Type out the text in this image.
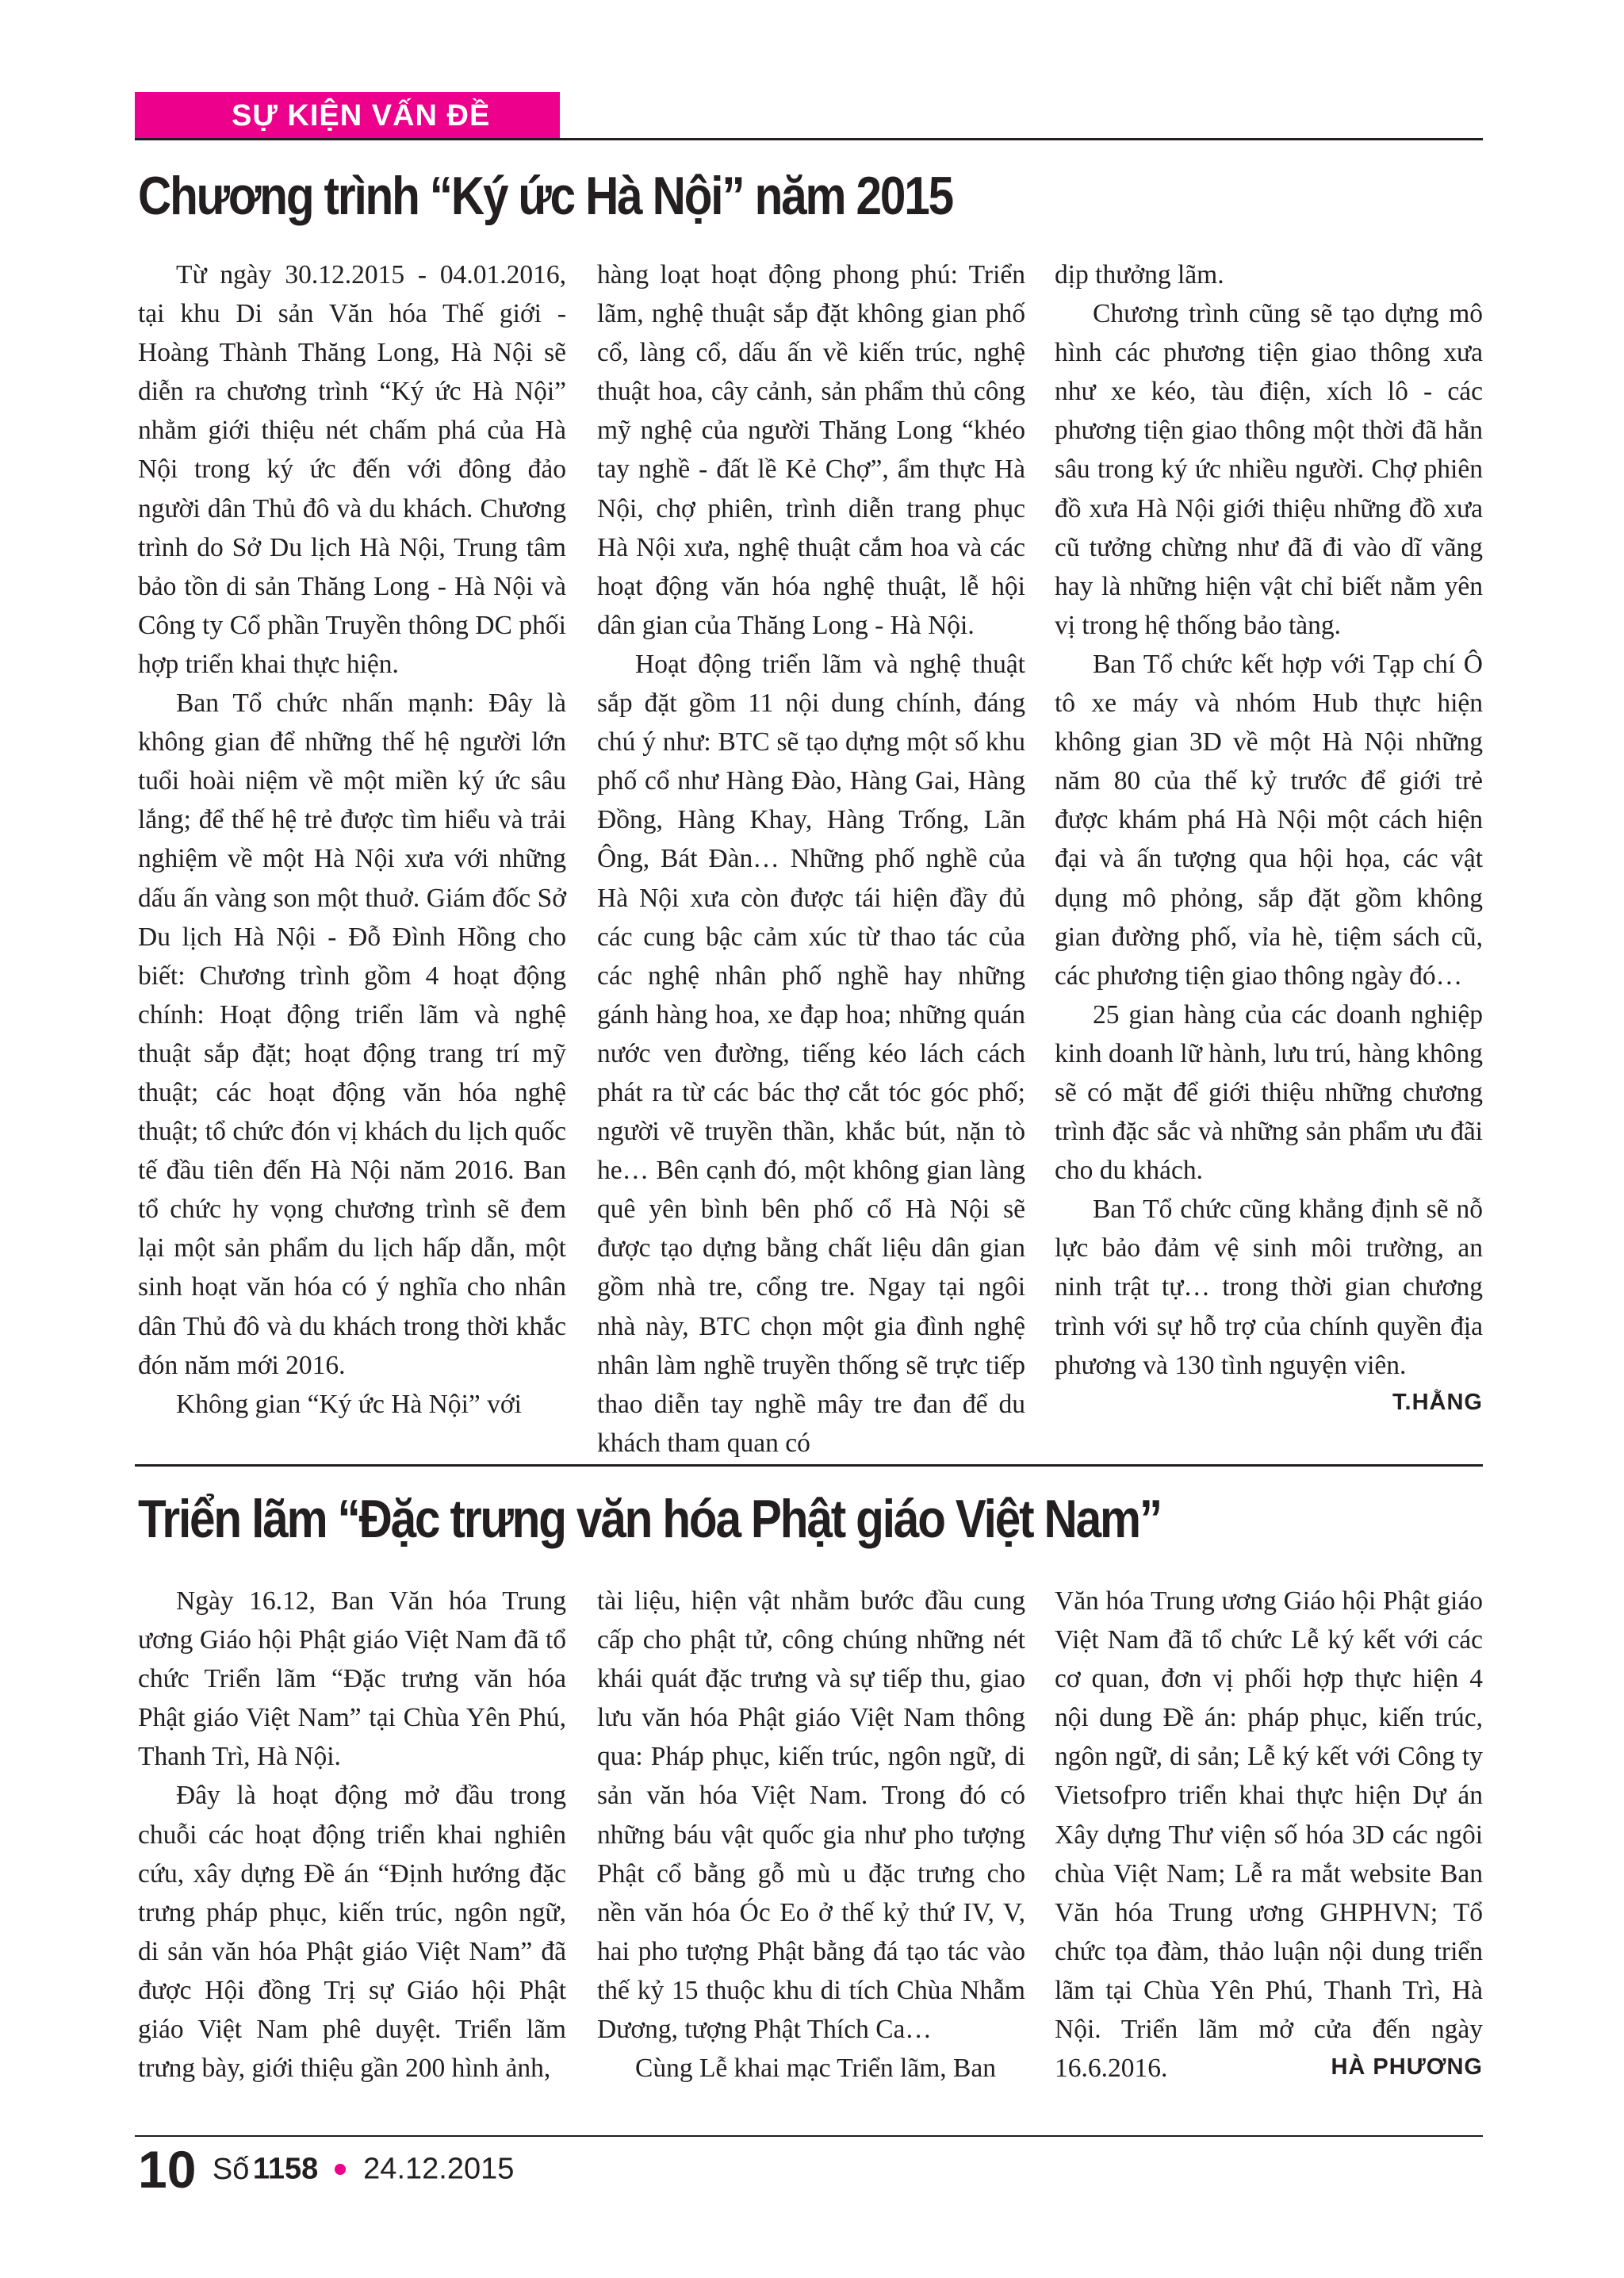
SỰ KIỆN VẤN ĐỀ
Chương trình “Ký ức Hà Nội” năm 2015

Từ ngày 30.12.2015 - 04.01.2016, tại khu Di sản Văn hóa Thế giới - Hoàng Thành Thăng Long, Hà Nội sẽ diễn ra chương trình “Ký ức Hà Nội” nhằm giới thiệu nét chấm phá của Hà Nội trong ký ức đến với đông đảo người dân Thủ đô và du khách. Chương trình do Sở Du lịch Hà Nội, Trung tâm bảo tồn di sản Thăng Long - Hà Nội và Công ty Cổ phần Truyền thông DC phối hợp triển khai thực hiện.

Ban Tổ chức nhấn mạnh: Đây là không gian để những thế hệ người lớn tuổi hoài niệm về một miền ký ức sâu lắng; để thế hệ trẻ được tìm hiểu và trải nghiệm về một Hà Nội xưa với những dấu ấn vàng son một thuở. Giám đốc Sở Du lịch Hà Nội - Đỗ Đình Hồng cho biết: Chương trình gồm 4 hoạt động chính: Hoạt động triển lãm và nghệ thuật sắp đặt; hoạt động trang trí mỹ thuật; các hoạt động văn hóa nghệ thuật; tổ chức đón vị khách du lịch quốc tế đầu tiên đến Hà Nội năm 2016. Ban tổ chức hy vọng chương trình sẽ đem lại một sản phẩm du lịch hấp dẫn, một sinh hoạt văn hóa có ý nghĩa cho nhân dân Thủ đô và du khách trong thời khắc đón năm mới 2016.

Không gian “Ký ức Hà Nội” với

hàng loạt hoạt động phong phú: Triển lãm, nghệ thuật sắp đặt không gian phố cổ, làng cổ, dấu ấn về kiến trúc, nghệ thuật hoa, cây cảnh, sản phẩm thủ công mỹ nghệ của người Thăng Long “khéo tay nghề - đất lề Kẻ Chợ”, ẩm thực Hà Nội, chợ phiên, trình diễn trang phục Hà Nội xưa, nghệ thuật cắm hoa và các hoạt động văn hóa nghệ thuật, lễ hội dân gian của Thăng Long - Hà Nội.

Hoạt động triển lãm và nghệ thuật sắp đặt gồm 11 nội dung chính, đáng chú ý như: BTC sẽ tạo dựng một số khu phố cổ như Hàng Đào, Hàng Gai, Hàng Đồng, Hàng Khay, Hàng Trống, Lãn Ông, Bát Đàn… Những phố nghề của Hà Nội xưa còn được tái hiện đầy đủ các cung bậc cảm xúc từ thao tác của các nghệ nhân phố nghề hay những gánh hàng hoa, xe đạp hoa; những quán nước ven đường, tiếng kéo lách cách phát ra từ các bác thợ cắt tóc góc phố; người vẽ truyền thần, khắc bút, nặn tò he… Bên cạnh đó, một không gian làng quê yên bình bên phố cổ Hà Nội sẽ được tạo dựng bằng chất liệu dân gian gồm nhà tre, cổng tre. Ngay tại ngôi nhà này, BTC chọn một gia đình nghệ nhân làm nghề truyền thống sẽ trực tiếp thao diễn tay nghề mây tre đan để du khách tham quan có

dịp thưởng lãm.

Chương trình cũng sẽ tạo dựng mô hình các phương tiện giao thông xưa như xe kéo, tàu điện, xích lô - các phương tiện giao thông một thời đã hằn sâu trong ký ức nhiều người. Chợ phiên đồ xưa Hà Nội giới thiệu những đồ xưa cũ tưởng chừng như đã đi vào dĩ vãng hay là những hiện vật chỉ biết nằm yên vị trong hệ thống bảo tàng.

Ban Tổ chức kết hợp với Tạp chí Ô tô xe máy và nhóm Hub thực hiện không gian 3D về một Hà Nội những năm 80 của thế kỷ trước để giới trẻ được khám phá Hà Nội một cách hiện đại và ấn tượng qua hội họa, các vật dụng mô phỏng, sắp đặt gồm không gian đường phố, vỉa hè, tiệm sách cũ, các phương tiện giao thông ngày đó…

25 gian hàng của các doanh nghiệp kinh doanh lữ hành, lưu trú, hàng không sẽ có mặt để giới thiệu những chương trình đặc sắc và những sản phẩm ưu đãi cho du khách.

Ban Tổ chức cũng khẳng định sẽ nỗ lực bảo đảm vệ sinh môi trường, an ninh trật tự… trong thời gian chương trình với sự hỗ trợ của chính quyền địa phương và 130 tình nguyện viên.

T.HẰNG
Triển lãm “Đặc trưng văn hóa Phật giáo Việt Nam”

Ngày 16.12, Ban Văn hóa Trung ương Giáo hội Phật giáo Việt Nam đã tổ chức Triển lãm “Đặc trưng văn hóa Phật giáo Việt Nam” tại Chùa Yên Phú, Thanh Trì, Hà Nội.

Đây là hoạt động mở đầu trong chuỗi các hoạt động triển khai nghiên cứu, xây dựng Đề án “Định hướng đặc trưng pháp phục, kiến trúc, ngôn ngữ, di sản văn hóa Phật giáo Việt Nam” đã được Hội đồng Trị sự Giáo hội Phật giáo Việt Nam phê duyệt. Triển lãm trưng bày, giới thiệu gần 200 hình ảnh,

tài liệu, hiện vật nhằm bước đầu cung cấp cho phật tử, công chúng những nét khái quát đặc trưng và sự tiếp thu, giao lưu văn hóa Phật giáo Việt Nam thông qua: Pháp phục, kiến trúc, ngôn ngữ, di sản văn hóa Việt Nam. Trong đó có những báu vật quốc gia như pho tượng Phật cổ bằng gỗ mù u đặc trưng cho nền văn hóa Óc Eo ở thế kỷ thứ IV, V, hai pho tượng Phật bằng đá tạo tác vào thế kỷ 15 thuộc khu di tích Chùa Nhẫm Dương, tượng Phật Thích Ca…

Cùng Lễ khai mạc Triển lãm, Ban

Văn hóa Trung ương Giáo hội Phật giáo Việt Nam đã tổ chức Lễ ký kết với các cơ quan, đơn vị phối hợp thực hiện 4 nội dung Đề án: pháp phục, kiến trúc, ngôn ngữ, di sản; Lễ ký kết với Công ty Vietsofpro triển khai thực hiện Dự án Xây dựng Thư viện số hóa 3D các ngôi chùa Việt Nam; Lễ ra mắt website Ban Văn hóa Trung ương GHPHVN; Tổ chức tọa đàm, thảo luận nội dung triển lãm tại Chùa Yên Phú, Thanh Trì, Hà Nội. Triển lãm mở cửa đến ngày 16.6.2016.	HÀ PHƯƠNG
10 Số 1158 24.12.2015
